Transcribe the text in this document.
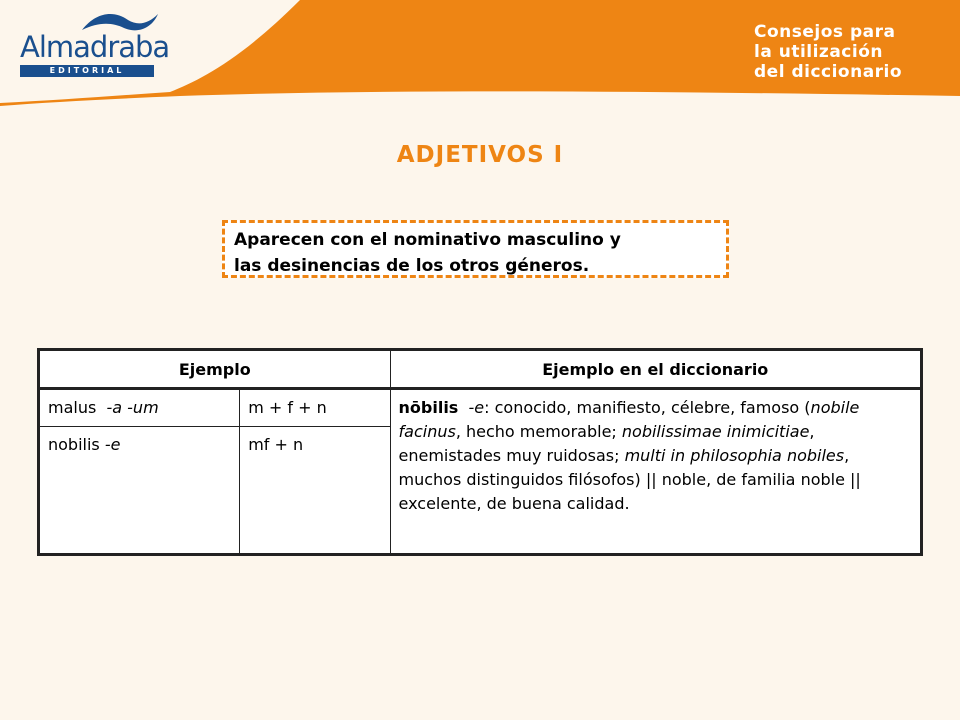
Almadraba
EDITORIAL
Consejos para
la utilización
del diccionario
ADJETIVOS I
Aparecen con el nominativo masculino y
las desinencias de los otros géneros.
Ejemplo		Ejemplo en el diccionario
malus -a -um	m + f + n	nōbilis -e: conocido, manifiesto, célebre, famoso (nobile facinus, hecho memorable; nobilissimae inimicitiae, enemistades muy ruidosas; multi in philosophia nobiles, muchos distinguidos filósofos) || noble, de familia noble || excelente, de buena calidad.
nobilis -e	mf + n	
